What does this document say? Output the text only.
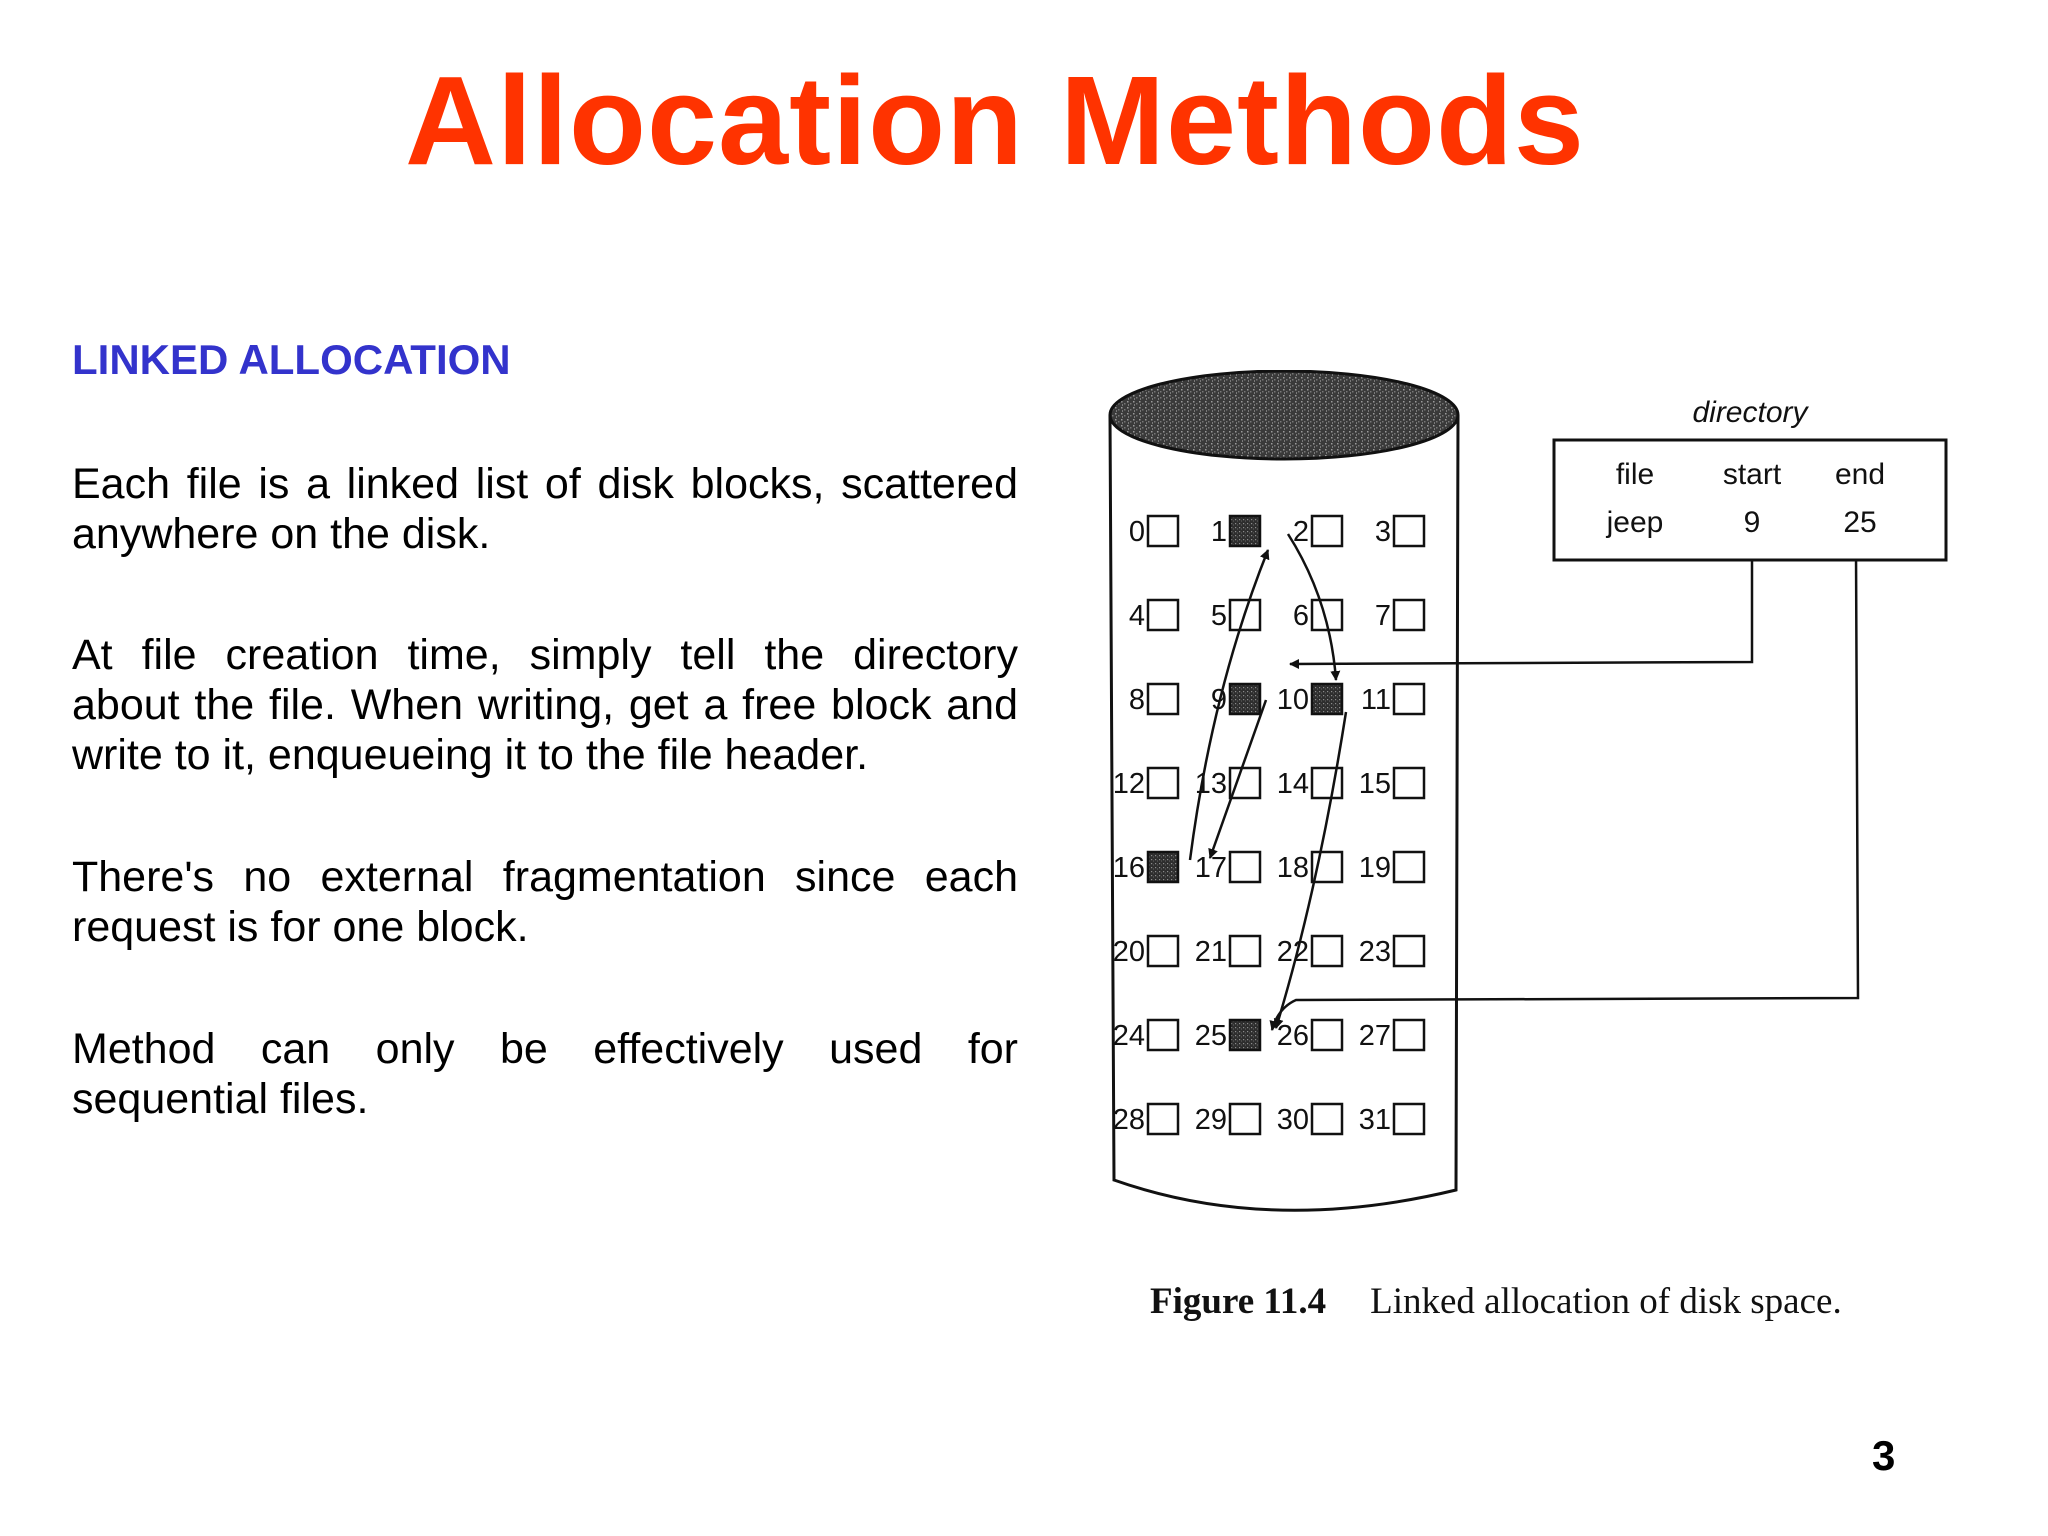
Allocation Methods
LINKED ALLOCATION
Each file is a linked list of disk blocks, scattered anywhere on the disk.
At file creation time, simply tell the directory about the file. When writing, get a free block and write to it, enqueueing it to the file header.
There's no external fragmentation since each request is for one block.
Method can only be effectively used for sequential files.
0 1 2 3
4 5 6 7
8 9 10 11
12 13 14 15
16 17 18 19
20 21 22 23
24 25 26 27
28 29 30 31
directory
file start end
jeep	9	25
Figure 11.4 Linked allocation of disk space.
3
